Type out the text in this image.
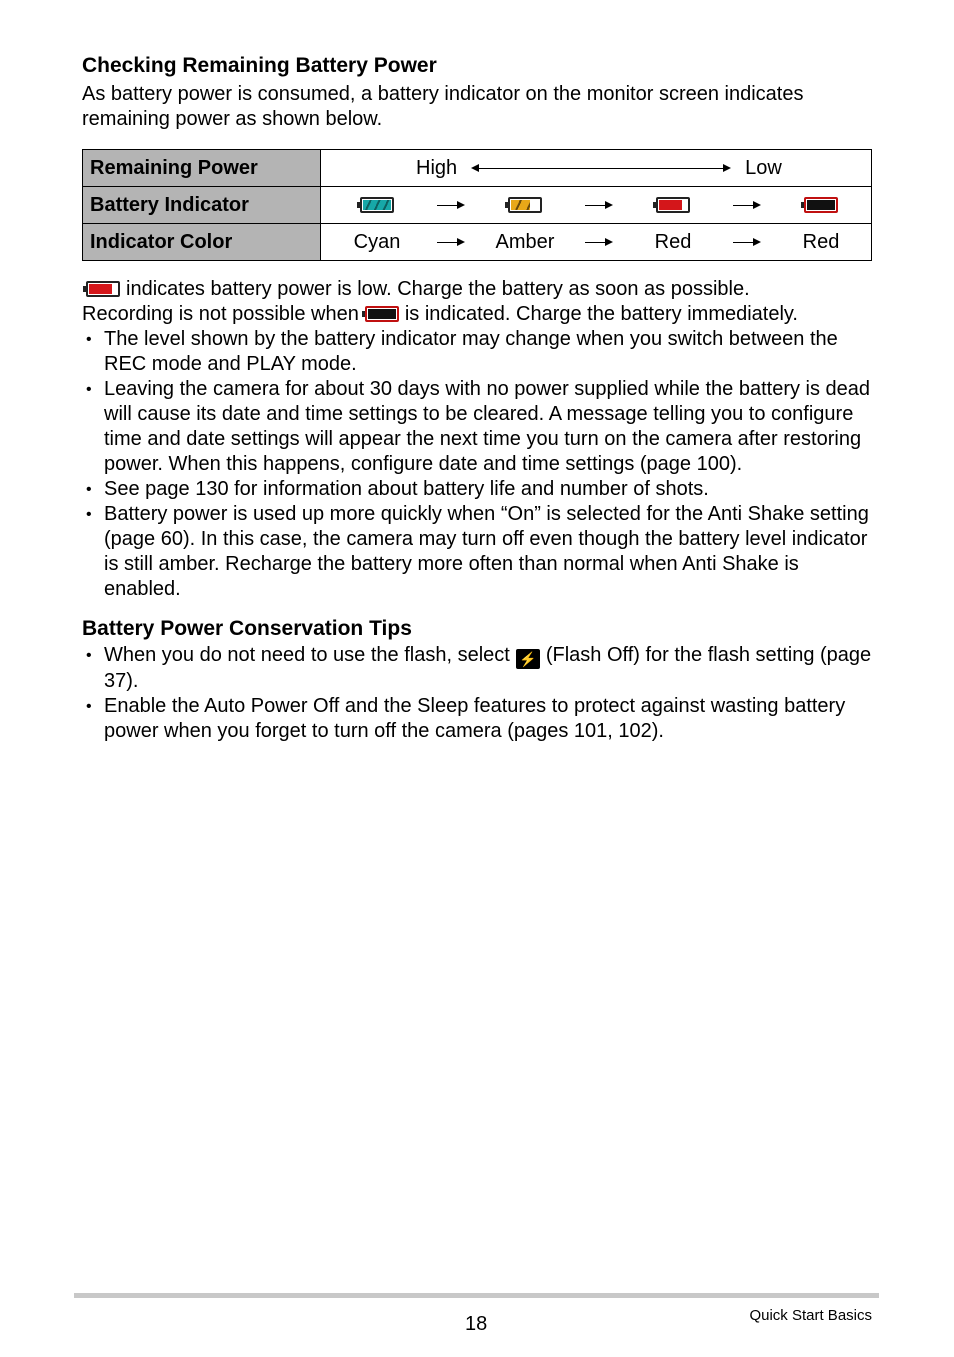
Checking Remaining Battery Power

As battery power is consumed, a battery indicator on the monitor screen indicates remaining power as shown below.

Remaining Power	High Low

Battery Indicator	

Indicator Color	Cyan Amber Red Red

indicates battery power is low. Charge the battery as soon as possible.

Recording is not possible when is indicated. Charge the battery immediately.

• The level shown by the battery indicator may change when you switch between the REC mode and PLAY mode.
• Leaving the camera for about 30 days with no power supplied while the battery is dead will cause its date and time settings to be cleared. A message telling you to configure time and date settings will appear the next time you turn on the camera after restoring power. When this happens, configure date and time settings (page 100).
• See page 130 for information about battery life and number of shots.
• Battery power is used up more quickly when “On” is selected for the Anti Shake setting (page 60). In this case, the camera may turn off even though the battery level indicator is still amber. Recharge the battery more often than normal when Anti Shake is enabled.
Battery Power Conservation Tips
• When you do not need to use the flash, select ⚡ (Flash Off) for the flash setting (page 37).
• Enable the Auto Power Off and the Sleep features to protect against wasting battery power when you forget to turn off the camera (pages 101, 102).
18	Quick Start Basics
